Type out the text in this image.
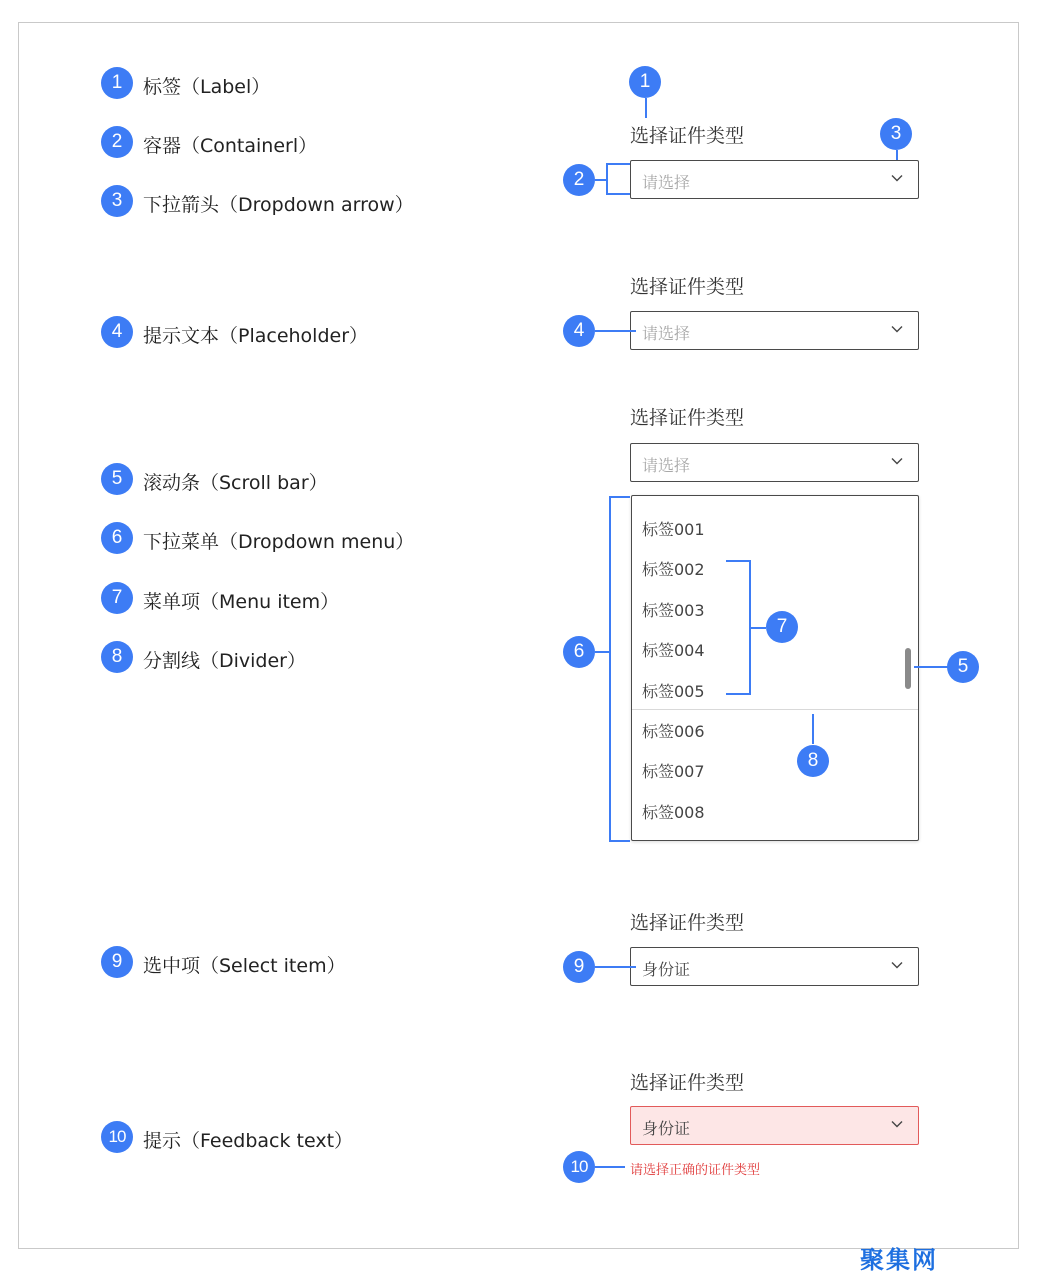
1	标签（Label）
2	容器（Containerl）
3	下拉箭头（Dropdown arrow）
4	提示文本（Placeholder）
5	滚动条（Scroll bar）
6	下拉菜单（Dropdown menu）
7	菜单项（Menu item）
8	分割线（Divider）
9	选中项（Select item）
10 提示（Feedback text）
1
选择证件类型	3
请选择
2
选择证件类型
请选择
4
选择证件类型
请选择
标签001
标签002
标签003
标签004
标签005
标签006
标签007
标签008
6
7
5
8
选择证件类型
身份证
9
选择证件类型
身份证
10	请选择正确的证件类型
聚集网
